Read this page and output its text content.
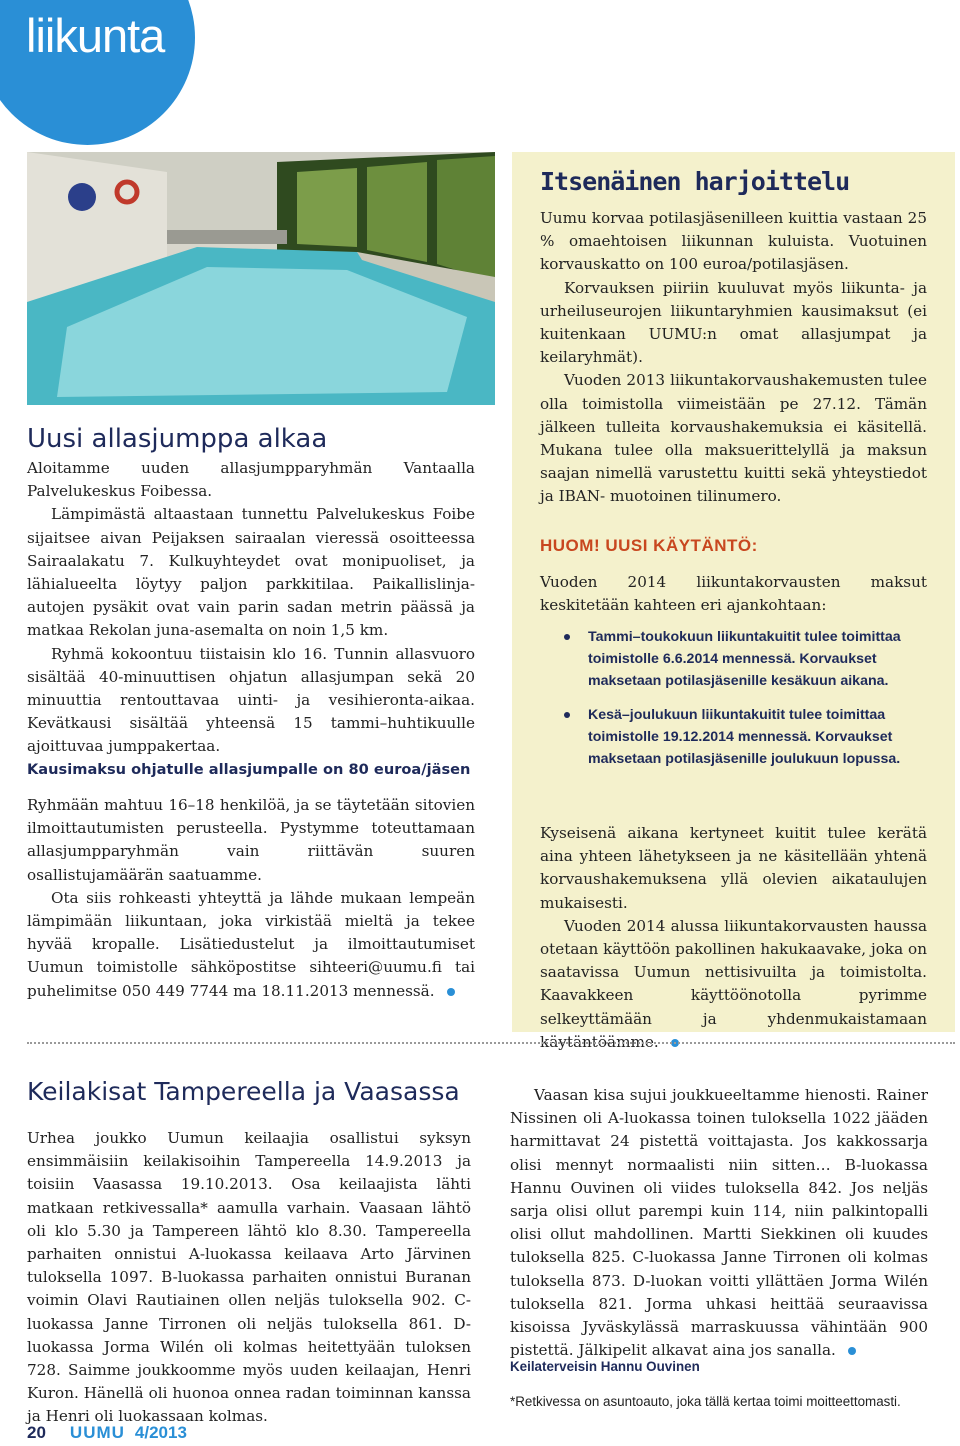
liikunta
Uusi allasjumppa alkaa

Aloitamme uuden allasjumpparyhmän Vantaalla Palvelukeskus Foibessa.

Lämpimästä altaastaan tunnettu Palvelukeskus Foibe sijaitsee aivan Peijaksen sairaalan vieressä osoitteessa Sairaalakatu 7. Kulkuyhteydet ovat monipuoliset, ja lähialueelta löytyy paljon parkkitilaa. Paikallislinja-autojen pysäkit ovat vain parin sadan metrin päässä ja matkaa Rekolan juna-asemalta on noin 1,5 km.

Ryhmä kokoontuu tiistaisin klo 16. Tunnin allasvuoro sisältää 40-minuuttisen ohjatun allasjumpan sekä 20 minuuttia rentouttavaa uinti- ja vesihieronta-aikaa. Kevätkausi sisältää yhteensä 15 tammi–huhtikuulle ajoittuvaa jumppakertaa.

Kausimaksu ohjatulle allasjumpalle on 80 euroa/jäsen

Ryhmään mahtuu 16–18 henkilöä, ja se täytetään sitovien ilmoittautumisten perusteella. Pystymme toteuttamaan allasjumpparyhmän vain riittävän suuren osallistujamäärän saatuamme.

Ota siis rohkeasti yhteyttä ja lähde mukaan lempeän lämpimään liikuntaan, joka virkistää mieltä ja tekee hyvää kropalle. Lisätiedustelut ja ilmoittautumiset Uumun toimistolle sähköpostitse sihteeri@uumu.fi tai puhelimitse 050 449 7744 ma 18.11.2013 mennessä.

Itsenäinen harjoittelu

Uumu korvaa potilasjäsenilleen kuittia vastaan 25 % omaehtoisen liikunnan kuluista. Vuotuinen korvauskatto on 100 euroa/potilasjäsen.

Korvauksen piiriin kuuluvat myös liikunta- ja urheiluseurojen liikuntaryhmien kausimaksut (ei kuitenkaan UUMU:n omat allasjumpat ja keilaryhmät).

Vuoden 2013 liikuntakorvaushakemusten tulee olla toimistolla viimeistään pe 27.12. Tämän jälkeen tulleita korvaushakemuksia ei käsitellä. Mukana tulee olla maksuerittelyllä ja maksun saajan nimellä varustettu kuitti sekä yhteystiedot ja IBAN- muotoinen tilinumero.

HUOM! UUSI KÄYTÄNTÖ:

Vuoden 2014 liikuntakorvausten maksut keskitetään kahteen eri ajankohtaan:

Tammi–toukokuun liikuntakuitit tulee toimittaa toimistolle 6.6.2014 mennessä. Korvaukset maksetaan potilasjäsenille kesäkuun aikana.
Kesä–joulukuun liikuntakuitit tulee toimittaa toimistolle 19.12.2014 mennessä. Korvaukset maksetaan potilasjäsenille joulukuun lopussa.

Kyseisenä aikana kertyneet kuitit tulee kerätä aina yhteen lähetykseen ja ne käsitellään yhtenä korvaushakemuksena yllä olevien aikataulujen mukaisesti.

Vuoden 2014 alussa liikuntakorvausten haussa otetaan käyttöön pakollinen hakukaavake, joka on saatavissa Uumun nettisivuilta ja toimistolta. Kaavakkeen käyttöönotolla pyrimme selkeyttämään ja yhdenmukaistamaan käytäntöämme.

Keilakisat Tampereella ja Vaasassa

Urhea joukko Uumun keilaajia osallistui syksyn ensimmäisiin keilakisoihin Tampereella 14.9.2013 ja toisiin Vaasassa 19.10.2013. Osa keilaajista lähti matkaan retkivessalla* aamulla varhain. Vaasaan lähtö oli klo 5.30 ja Tampereen lähtö klo 8.30. Tampereella parhaiten onnistui A-luokassa keilaava Arto Järvinen tuloksella 1097. B-luokassa parhaiten onnistui Buranan voimin Olavi Rautiainen ollen neljäs tuloksella 902. C-luokassa Janne Tirronen oli neljäs tuloksella 861. D-luokassa Jorma Wilén oli kolmas heitettyään tuloksen 728. Saimme joukkoomme myös uuden keilaajan, Henri Kuron. Hänellä oli huonoa onnea radan toiminnan kanssa ja Henri oli luokassaan kolmas.

Vaasan kisa sujui joukkueeltamme hienosti. Rainer Nissinen oli A-luokassa toinen tuloksella 1022 jääden harmittavat 24 pistettä voittajasta. Jos kakkossarja olisi mennyt normaalisti niin sitten… B-luokassa Hannu Ouvinen oli viides tuloksella 842. Jos neljäs sarja olisi ollut parempi kuin 114, niin palkintopalli olisi ollut mahdollinen. Martti Siekkinen oli kuudes tuloksella 825. C-luokassa Janne Tirronen oli kolmas tuloksella 873. D-luokan voitti yllättäen Jorma Wilén tuloksella 821. Jorma uhkasi heittää seuraavissa kisoissa Jyväskylässä marraskuussa vähintään 900 pistettä. Jälkipelit alkavat aina jos sanalla.

Keilaterveisin Hannu Ouvinen
*Retkivessa on asuntoauto, joka tällä kertaa toimi moitteettomasti.
20 UUMU 4/2013
